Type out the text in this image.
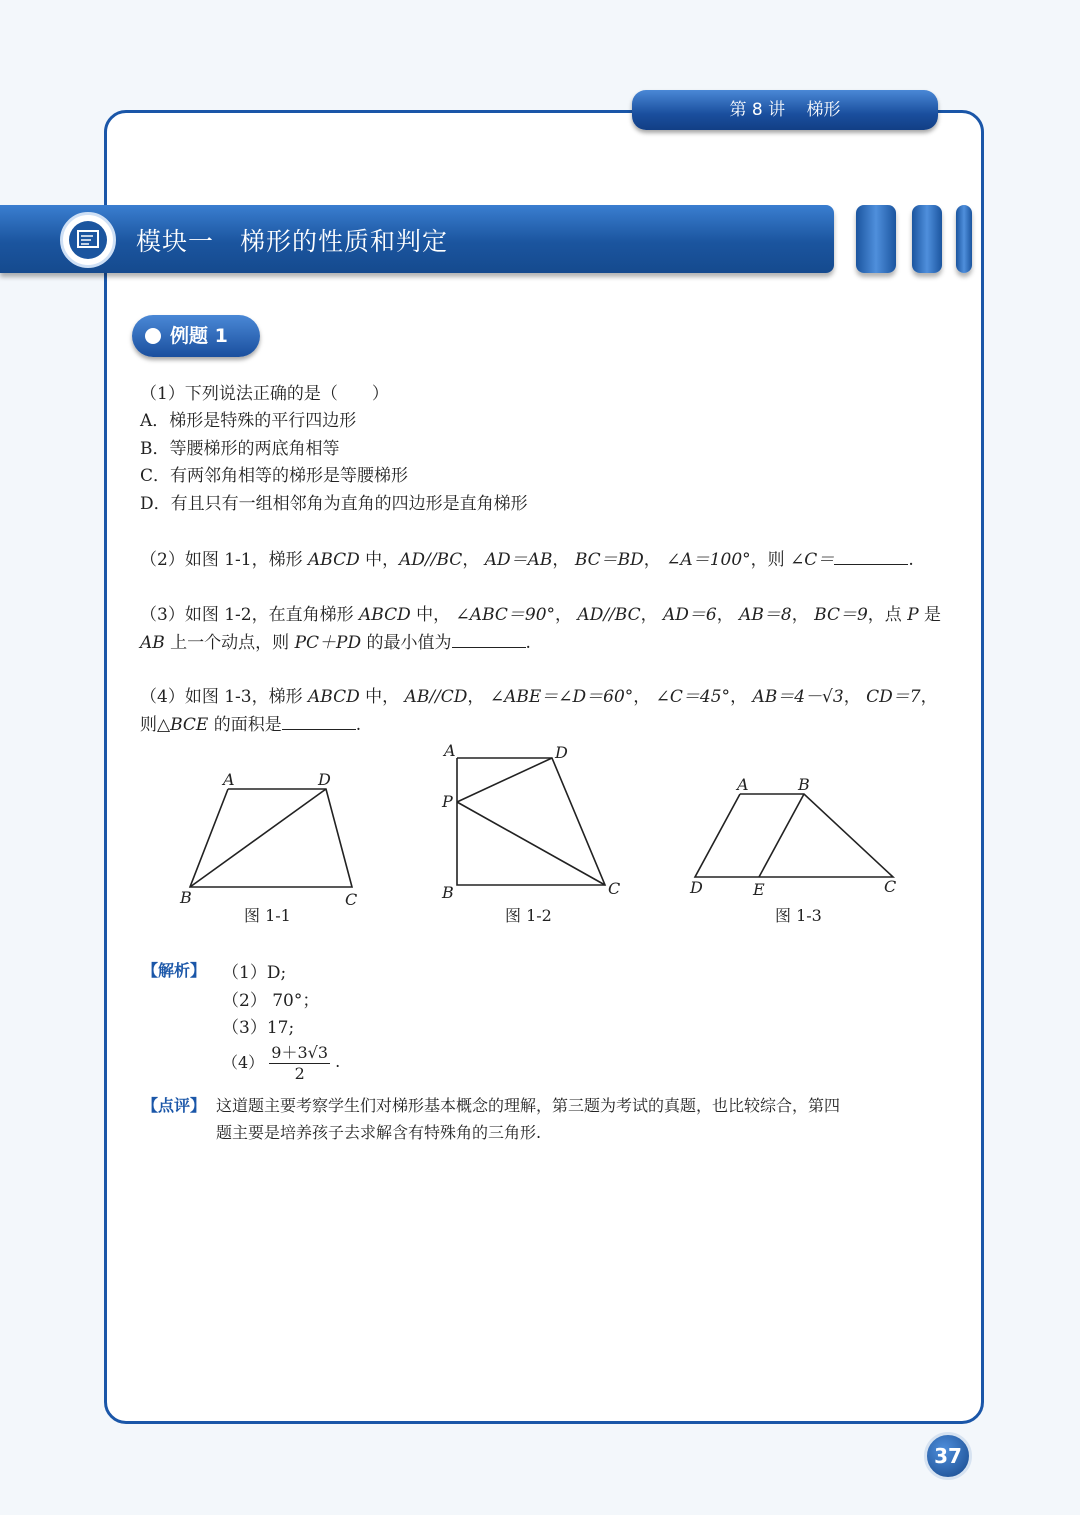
第 8 讲 梯形
模块一 梯形的性质和判定
例题 1
（1）下列说法正确的是（　　）
A．梯形是特殊的平行四边形
B．等腰梯形的两底角相等
C．有两邻角相等的梯形是等腰梯形
D．有且只有一组相邻角为直角的四边形是直角梯形
（2）如图 1-1，梯形 ABCD 中，AD//BC， AD＝AB， BC＝BD， ∠A＝100°，则 ∠C＝	.
（3）如图 1-2，在直角梯形 ABCD 中， ∠ABC＝90°， AD//BC， AD＝6， AB＝8， BC＝9，点 P 是
AB 上一个动点，则 PC＋PD 的最小值为	.
（4）如图 1-3，梯形 ABCD 中， AB//CD， ∠ABE＝∠D＝60°， ∠C＝45°， AB＝4－√3， CD＝7，
则△BCE 的面积是	.
A	D
B	C
图 1-1
A	D
P
B	C
图 1-2
A	B
D	E	C
图 1-3
【解析】 （1）D;
（2） 70°；
（3）17;
$(4) \frac{9+3√3}{2}$ .
【点评】 这道题主要考察学生们对梯形基本概念的理解，第三题为考试的真题，也比较综合，第四
题主要是培养孩子去求解含有特殊角的三角形.
37
